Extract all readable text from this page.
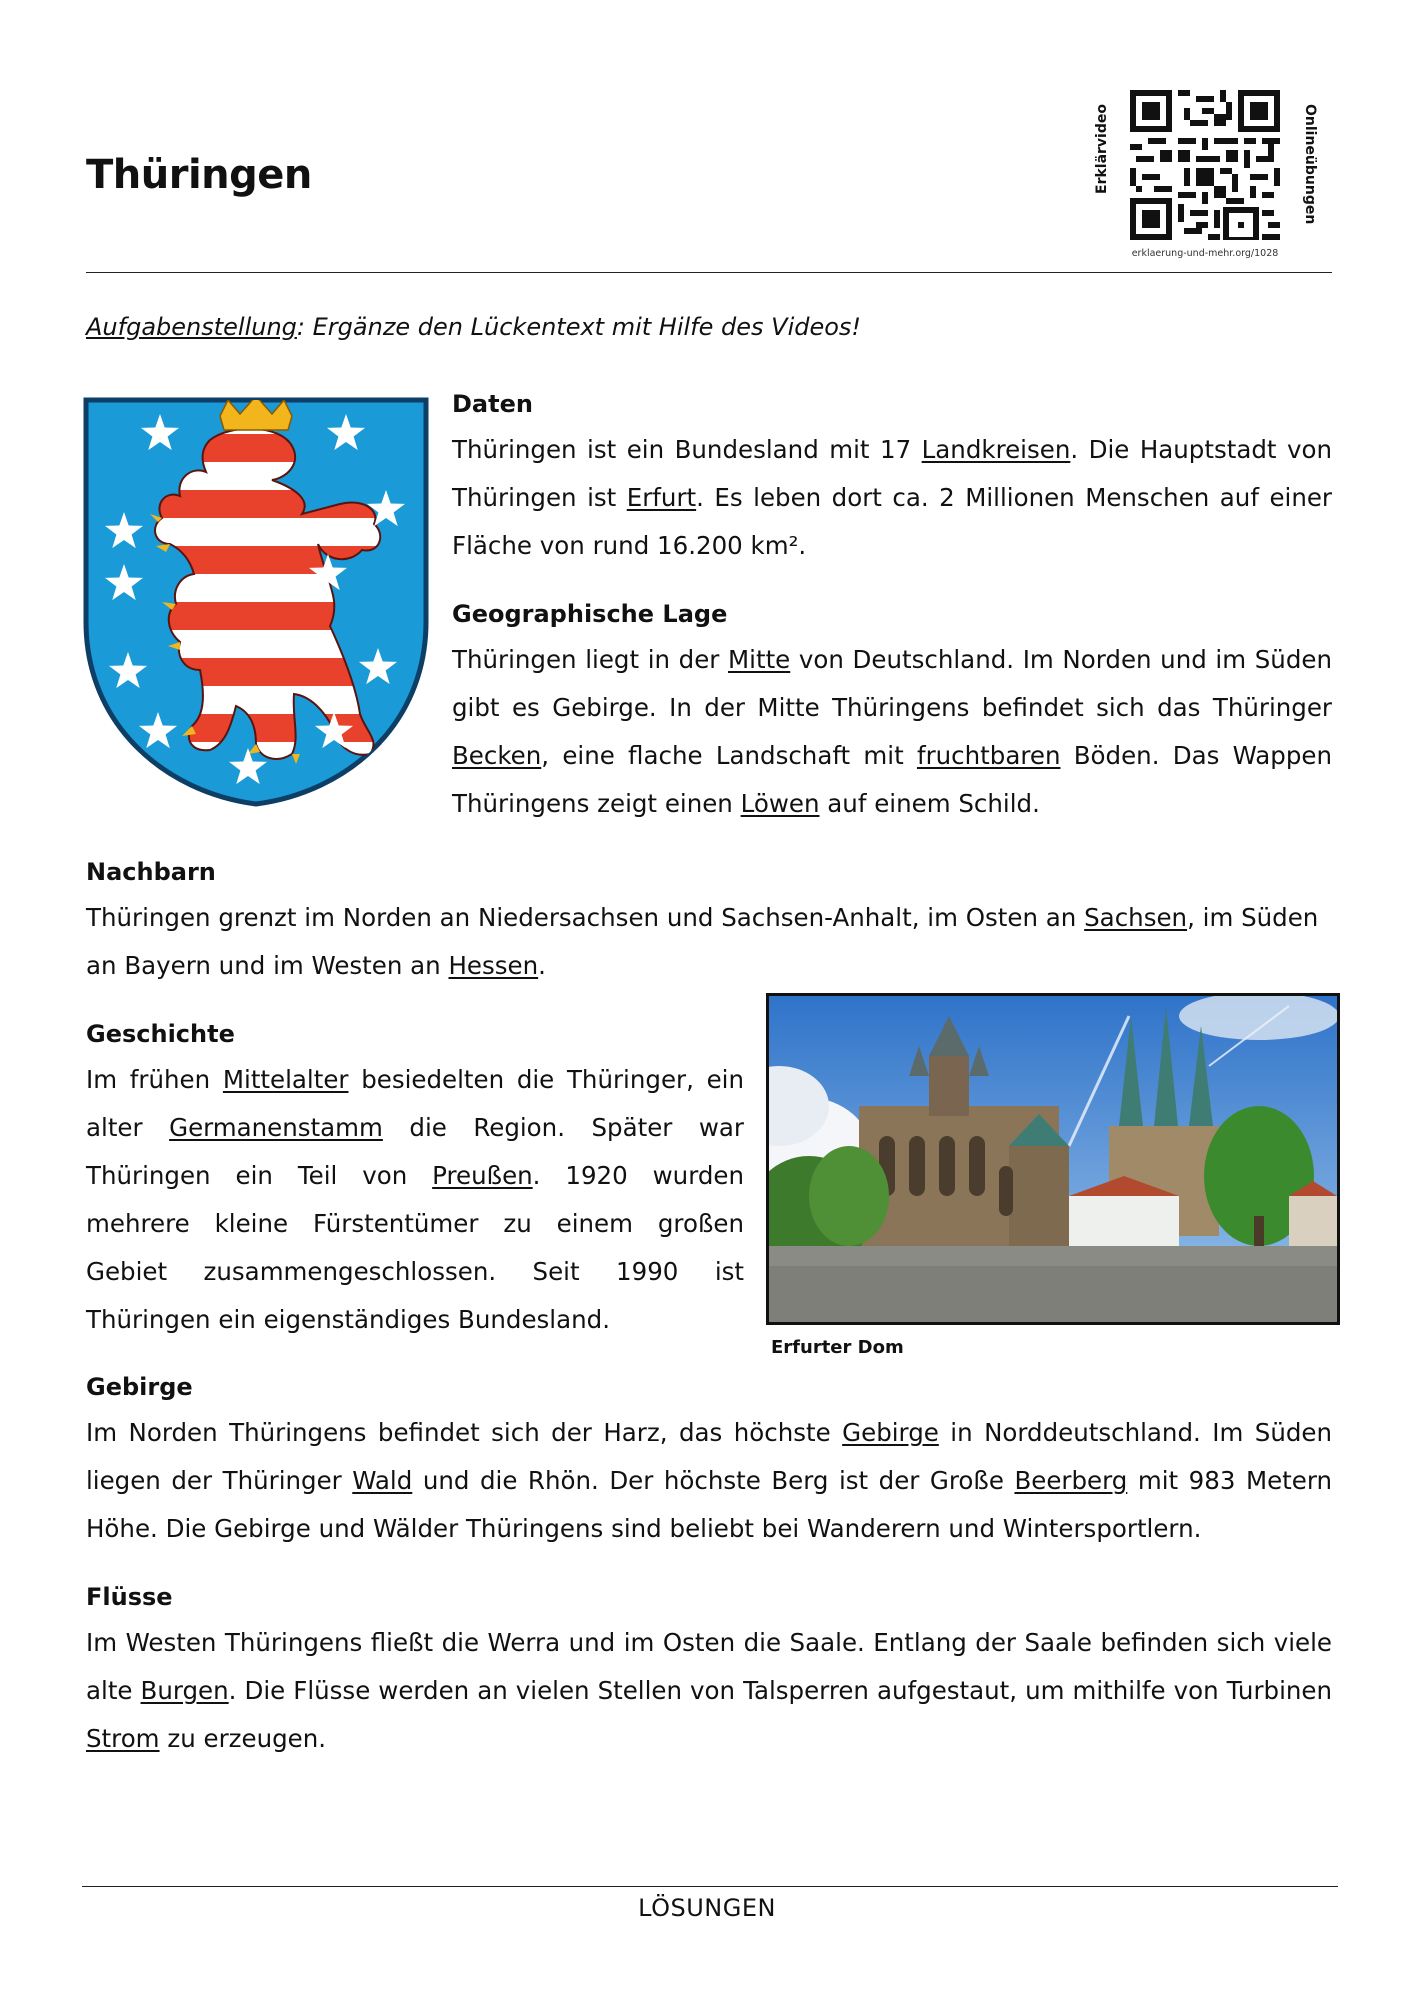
Thüringen	Erklärvideo
erklaerung-und-mehr.org/1028
Onlineübungen
Aufgabenstellung: Ergänze den Lückentext mit Hilfe des Videos!
Daten
Thüringen ist ein Bundesland mit 17 Landkreisen. Die Hauptstadt von Thüringen ist Erfurt. Es leben dort ca. 2 Millionen Menschen auf einer Fläche von rund 16.200 km².
Geographische Lage
Thüringen liegt in der Mitte von Deutschland. Im Norden und im Süden gibt es Gebirge. In der Mitte Thüringens befindet sich das Thüringer Becken, eine flache Landschaft mit fruchtbaren Böden. Das Wappen Thüringens zeigt einen Löwen auf einem Schild.
Nachbarn
Thüringen grenzt im Norden an Niedersachsen und Sachsen-Anhalt, im Osten an Sachsen, im Süden an Bayern und im Westen an Hessen.
Geschichte
Im frühen Mittelalter besiedelten die Thüringer, ein alter Germanenstamm die Region. Später war Thüringen ein Teil von Preußen. 1920 wurden mehrere kleine Fürstentümer zu einem großen Gebiet zusammengeschlossen. Seit 1990 ist Thüringen ein eigenständiges Bundesland.
Erfurter Dom
Gebirge
Im Norden Thüringens befindet sich der Harz, das höchste Gebirge in Norddeutschland. Im Süden liegen der Thüringer Wald und die Rhön. Der höchste Berg ist der Große Beerberg mit 983 Metern Höhe. Die Gebirge und Wälder Thüringens sind beliebt bei Wanderern und Wintersportlern.
Flüsse
Im Westen Thüringens fließt die Werra und im Osten die Saale. Entlang der Saale befinden sich viele alte Burgen. Die Flüsse werden an vielen Stellen von Talsperren aufgestaut, um mithilfe von Turbinen Strom zu erzeugen.
LÖSUNGEN
